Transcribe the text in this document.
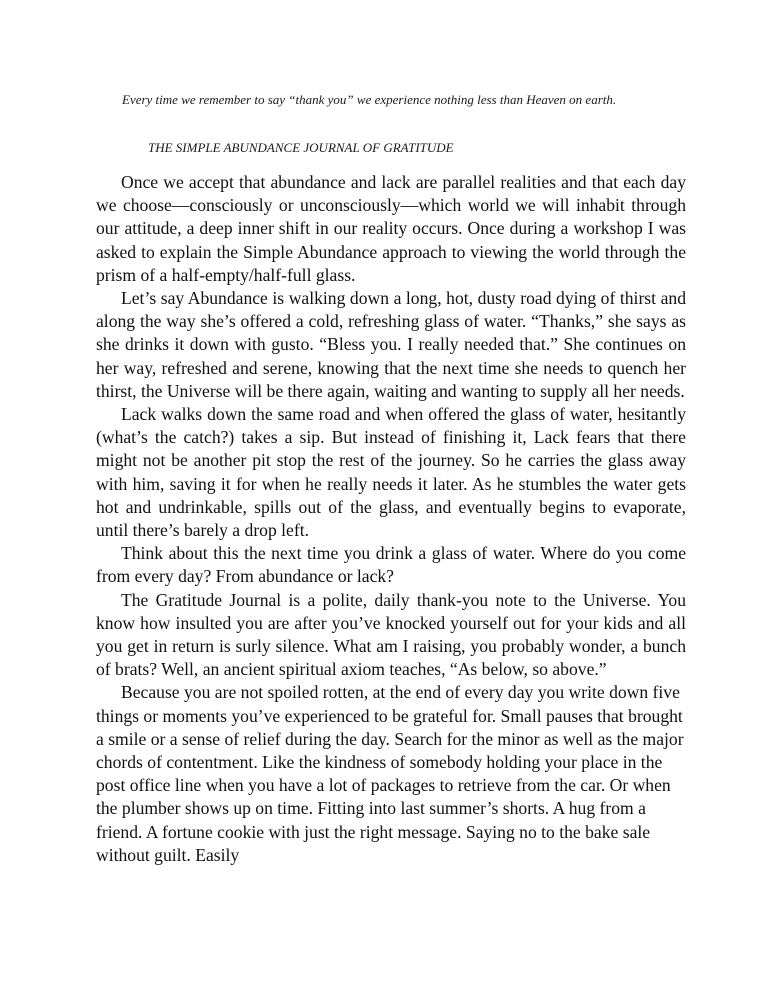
Every time we remember to say “thank you” we experience nothing less than Heaven on earth.
THE SIMPLE ABUNDANCE JOURNAL OF GRATITUDE

Once we accept that abundance and lack are parallel realities and that each day we choose—consciously or unconsciously—which world we will inhabit through our attitude, a deep inner shift in our reality occurs. Once during a workshop I was asked to explain the Simple Abundance approach to viewing the world through the prism of a half-empty/half-full glass.

Let’s say Abundance is walking down a long, hot, dusty road dying of thirst and along the way she’s offered a cold, refreshing glass of water. “Thanks,” she says as she drinks it down with gusto. “Bless you. I really needed that.” She continues on her way, refreshed and serene, knowing that the next time she needs to quench her thirst, the Universe will be there again, waiting and wanting to supply all her needs.

Lack walks down the same road and when offered the glass of water, hesitantly (what’s the catch?) takes a sip. But instead of finishing it, Lack fears that there might not be another pit stop the rest of the journey. So he carries the glass away with him, saving it for when he really needs it later. As he stumbles the water gets hot and undrinkable, spills out of the glass, and eventually begins to evaporate, until there’s barely a drop left.

Think about this the next time you drink a glass of water. Where do you come from every day? From abundance or lack?

The Gratitude Journal is a polite, daily thank-you note to the Universe. You know how insulted you are after you’ve knocked yourself out for your kids and all you get in return is surly silence. What am I raising, you probably wonder, a bunch of brats? Well, an ancient spiritual axiom teaches, “As below, so above.”

Because you are not spoiled rotten, at the end of every day you write down five things or moments you’ve experienced to be grateful for. Small pauses that brought a smile or a sense of relief during the day. Search for the minor as well as the major chords of contentment. Like the kindness of somebody holding your place in the post office line when you have a lot of packages to retrieve from the car. Or when the plumber shows up on time. Fitting into last summer’s shorts. A hug from a friend. A fortune cookie with just the right message. Saying no to the bake sale without guilt. Easily
